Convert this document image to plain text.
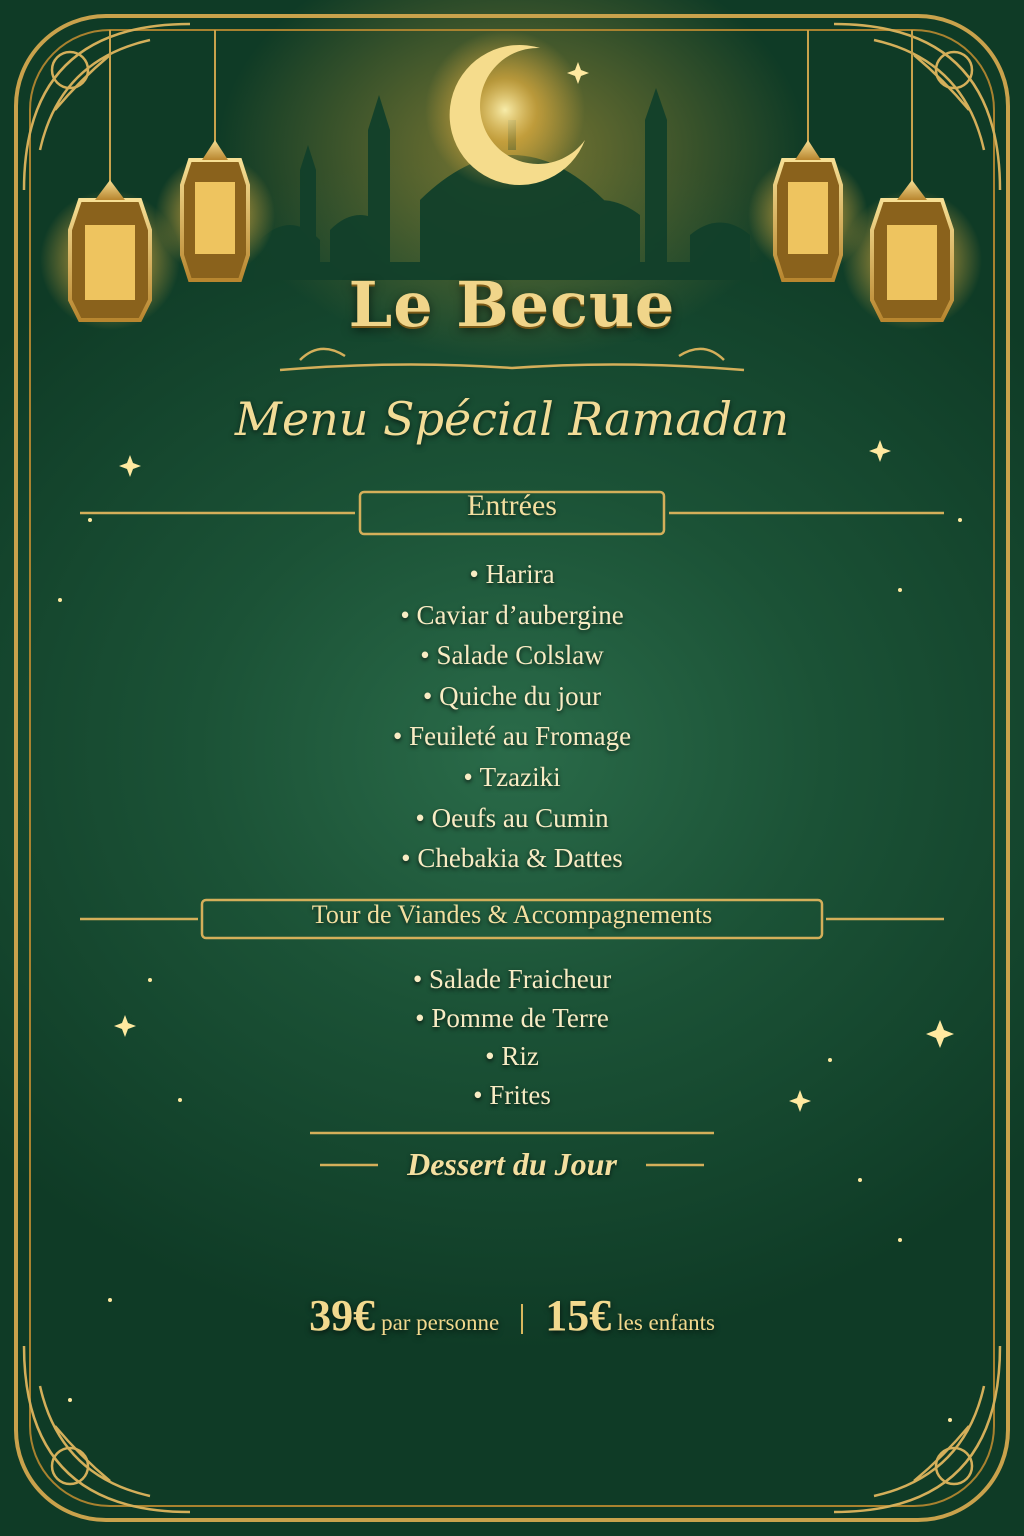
Le Becue
Menu Spécial Ramadan
Entrées
• Harira
• Caviar d’aubergine
• Salade Colslaw
• Quiche du jour
• Feuileté au Fromage
• Tzaziki
• Oeufs au Cumin
• Chebakia & Dattes
Tour de Viandes & Accompagnements
• Salade Fraicheur
• Pomme de Terre
• Riz
• Frites
Dessert du Jour
39€ par personne 15€ les enfants
